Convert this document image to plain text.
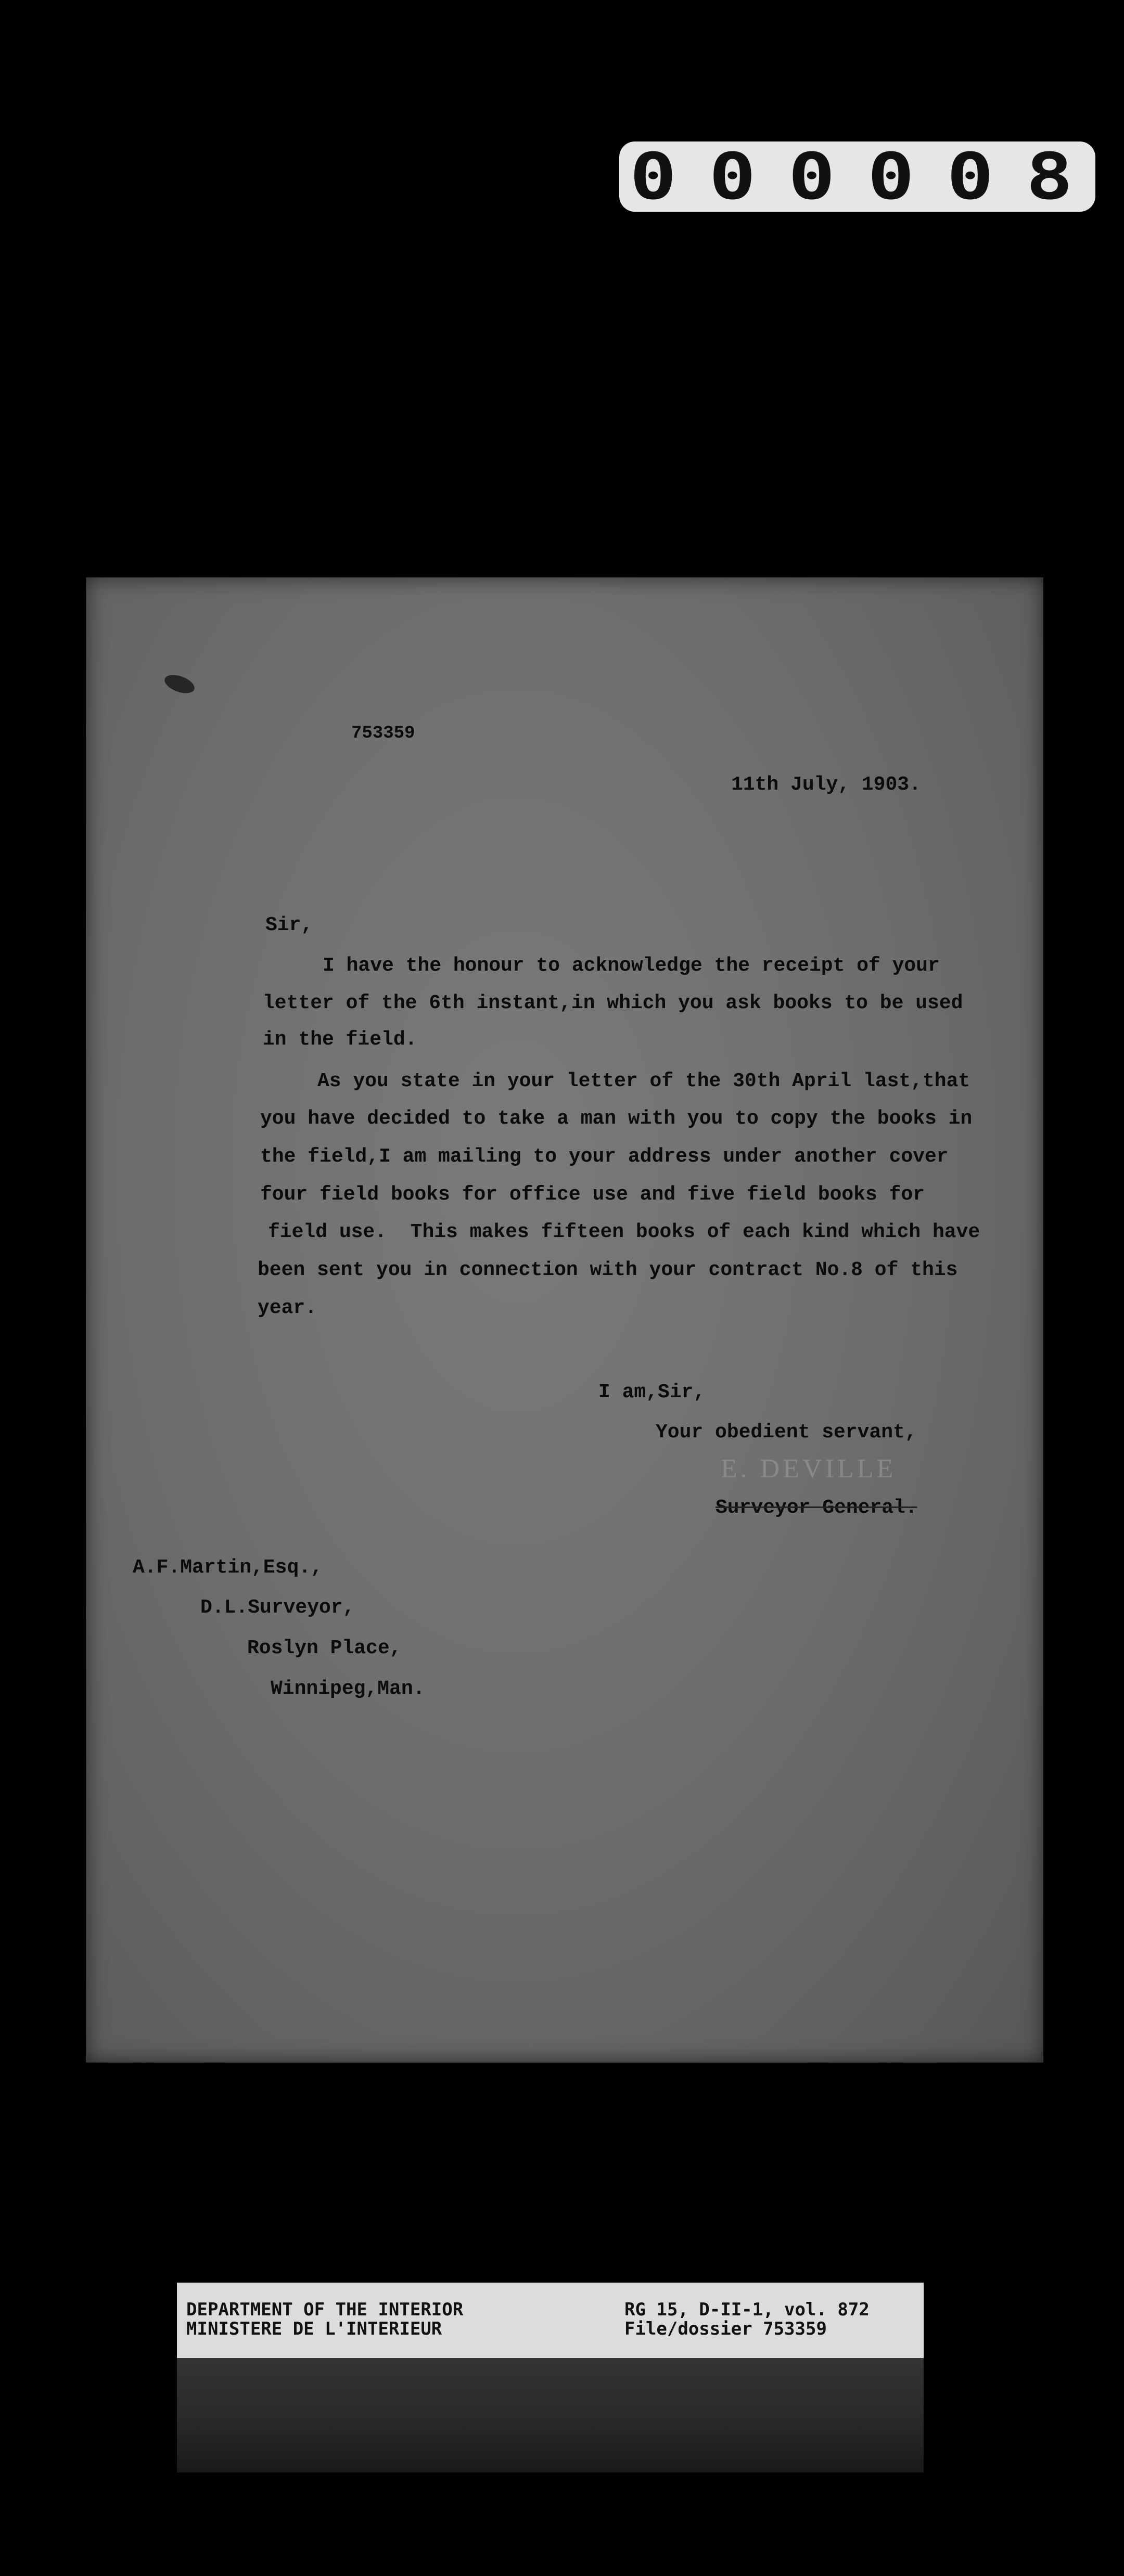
000008
753359
11th July, 1903.
Sir,
I have the honour to acknowledge the receipt of your
letter of the 6th instant,in which you ask books to be used
in the field.
As you state in your letter of the 30th April last,that
you have decided to take a man with you to copy the books in
the field,I am mailing to your address under another cover
four field books for office use and five field books for
field use.  This makes fifteen books of each kind which have
been sent you in connection with your contract No.8 of this
year.
I am,Sir,
Your obedient servant,
E. DEVILLE
Surveyor General.
A.F.Martin,Esq.,
D.L.Surveyor,
Roslyn Place,
Winnipeg,Man.
DEPARTMENT OF THE INTERIOR
MINISTERE DE L'INTERIEUR
RG 15, D-II-1, vol. 872
File/dossier 753359
